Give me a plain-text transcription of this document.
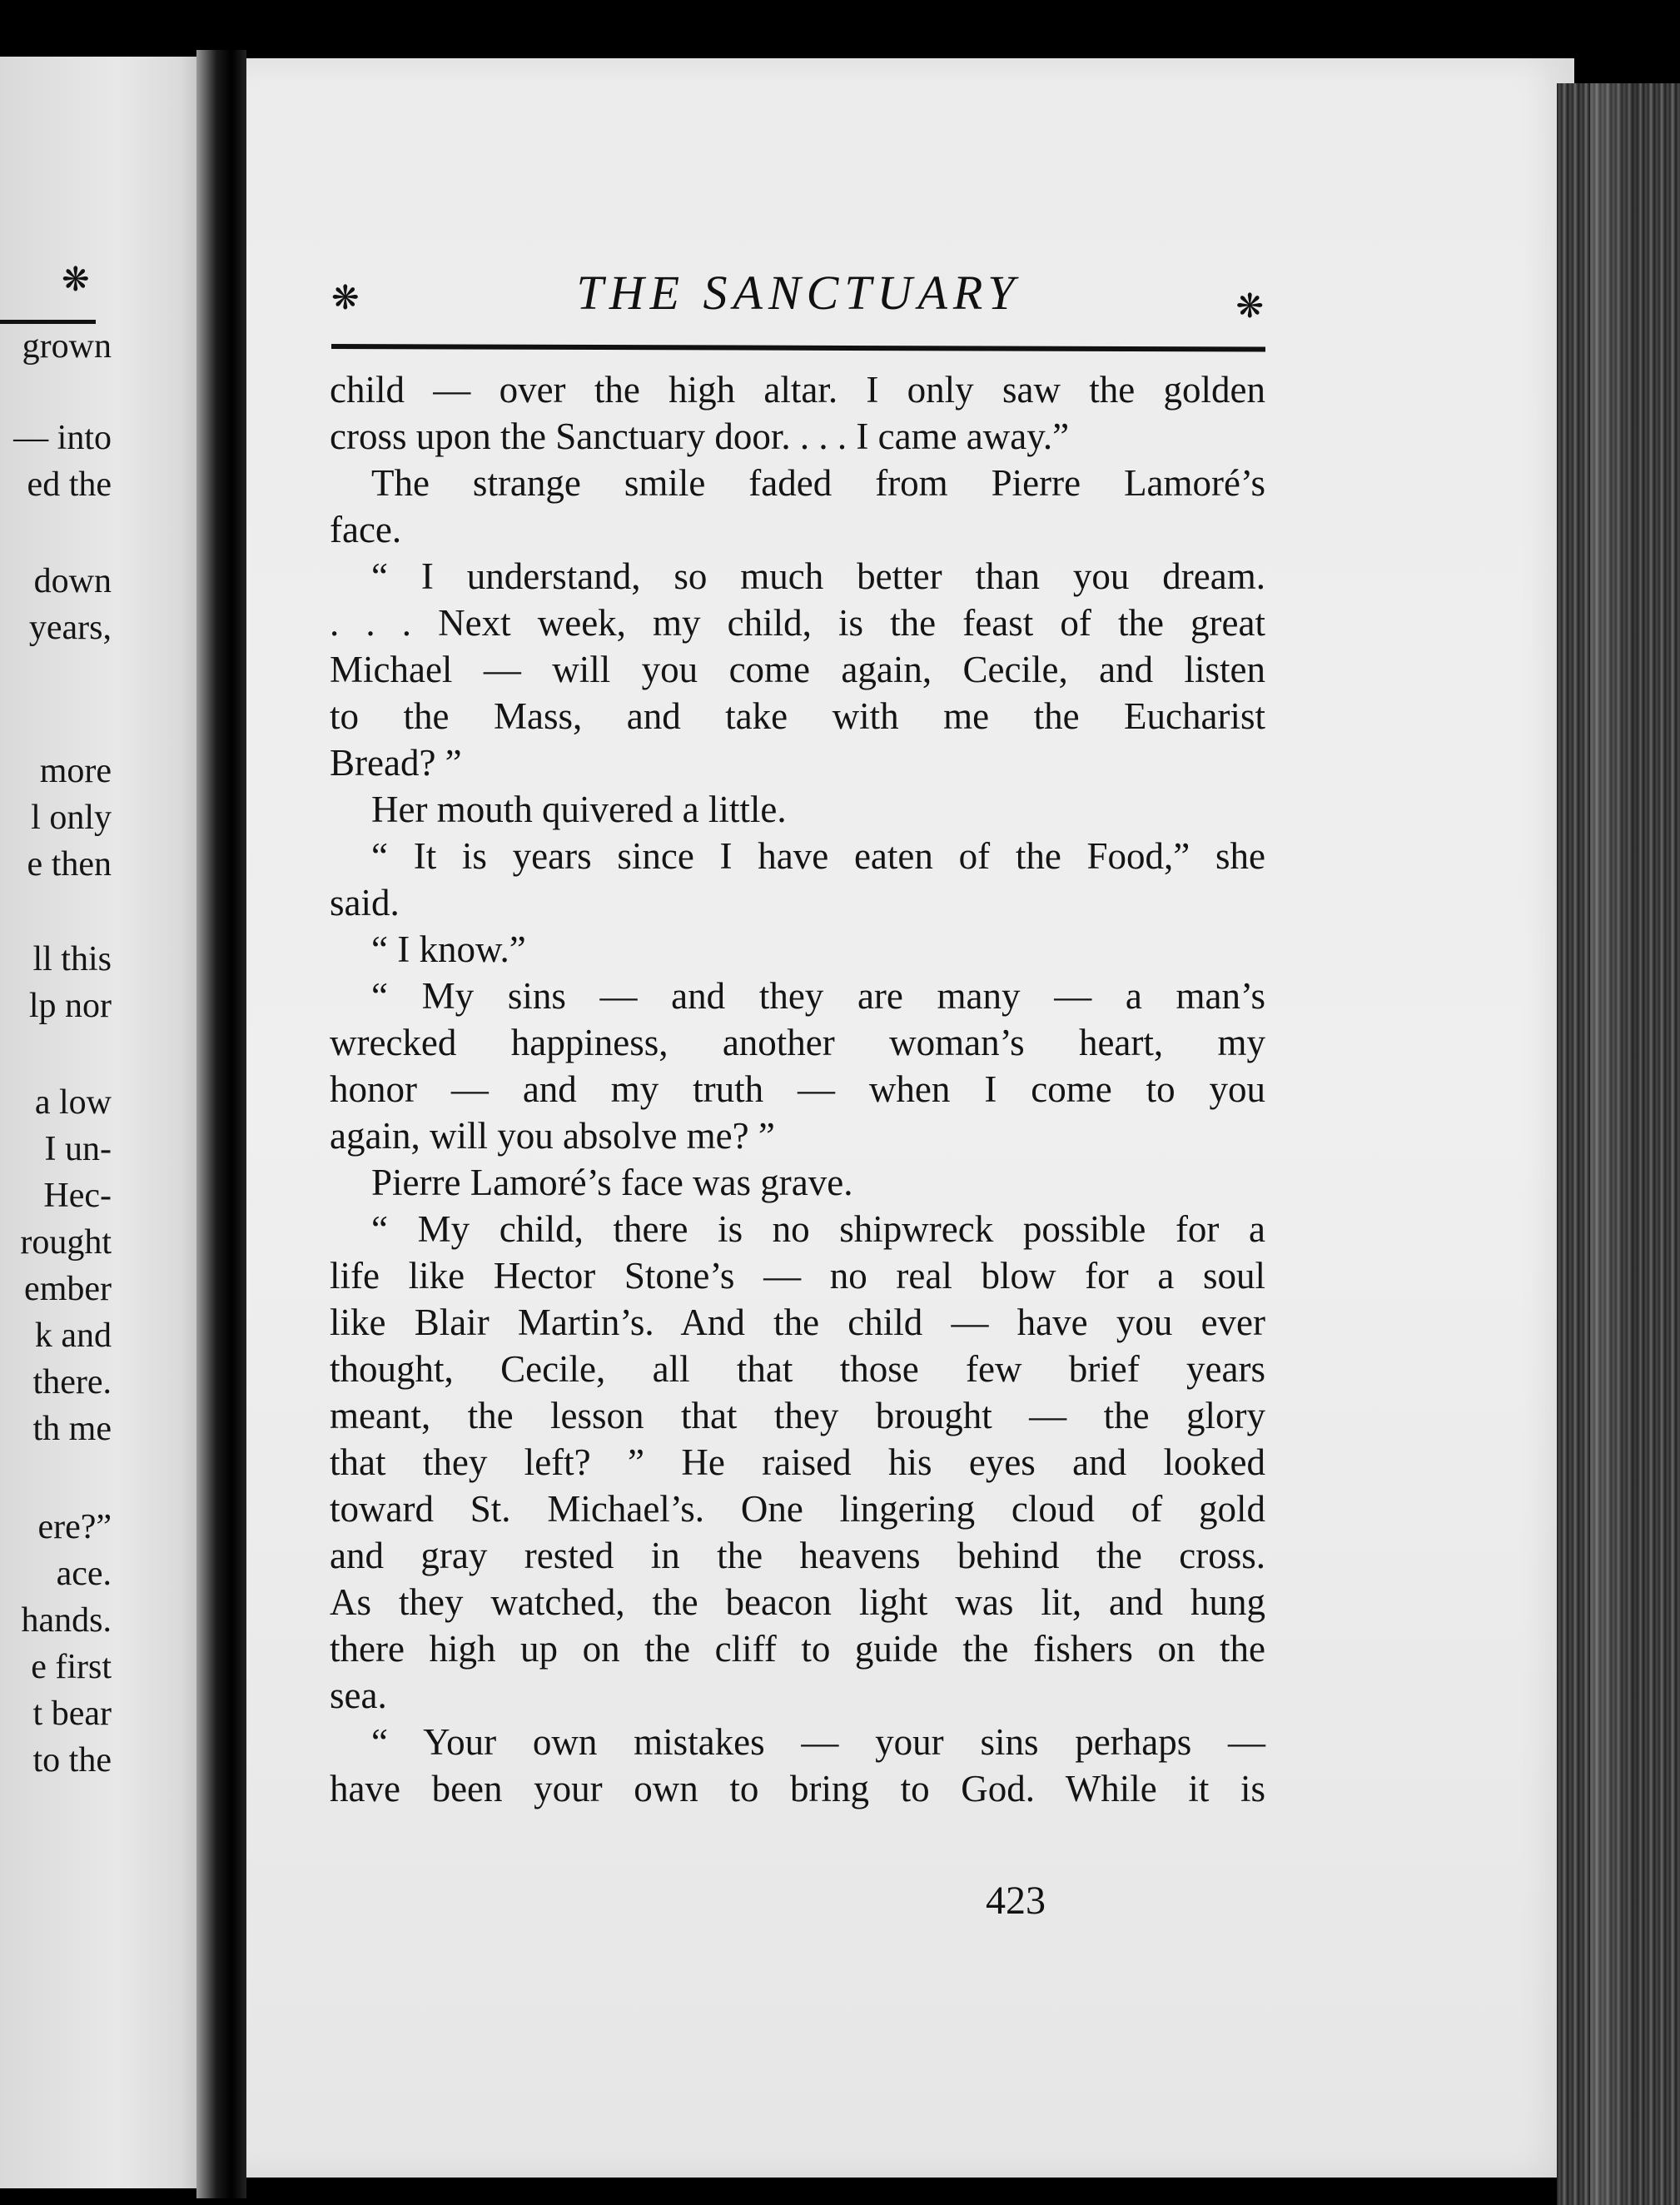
❋
grown
— into
ed the
down
years,
more
l only
e then
ll this
lp nor
a low
I un-
Hec-
rought
ember
k and
there.
th me
ere?”
ace.
hands.
e first
t bear
to the
❋	THE SANCTUARY	❋
child — over the high altar. I only saw the golden
cross upon the Sanctuary door. . . . I came away.”
The strange smile faded from Pierre Lamoré’s
face.
“ I understand, so much better than you dream.
. . . Next week, my child, is the feast of the great
Michael — will you come again, Cecile, and listen
to the Mass, and take with me the Eucharist
Bread? ”
Her mouth quivered a little.
“ It is years since I have eaten of the Food,” she
said.
“ I know.”
“ My sins — and they are many — a man’s
wrecked happiness, another woman’s heart, my
honor — and my truth — when I come to you
again, will you absolve me? ”
Pierre Lamoré’s face was grave.
“ My child, there is no shipwreck possible for a
life like Hector Stone’s — no real blow for a soul
like Blair Martin’s. And the child — have you ever
thought, Cecile, all that those few brief years
meant, the lesson that they brought — the glory
that they left? ” He raised his eyes and looked
toward St. Michael’s. One lingering cloud of gold
and gray rested in the heavens behind the cross.
As they watched, the beacon light was lit, and hung
there high up on the cliff to guide the fishers on the
sea.
“ Your own mistakes — your sins perhaps —
have been your own to bring to God. While it is
423
